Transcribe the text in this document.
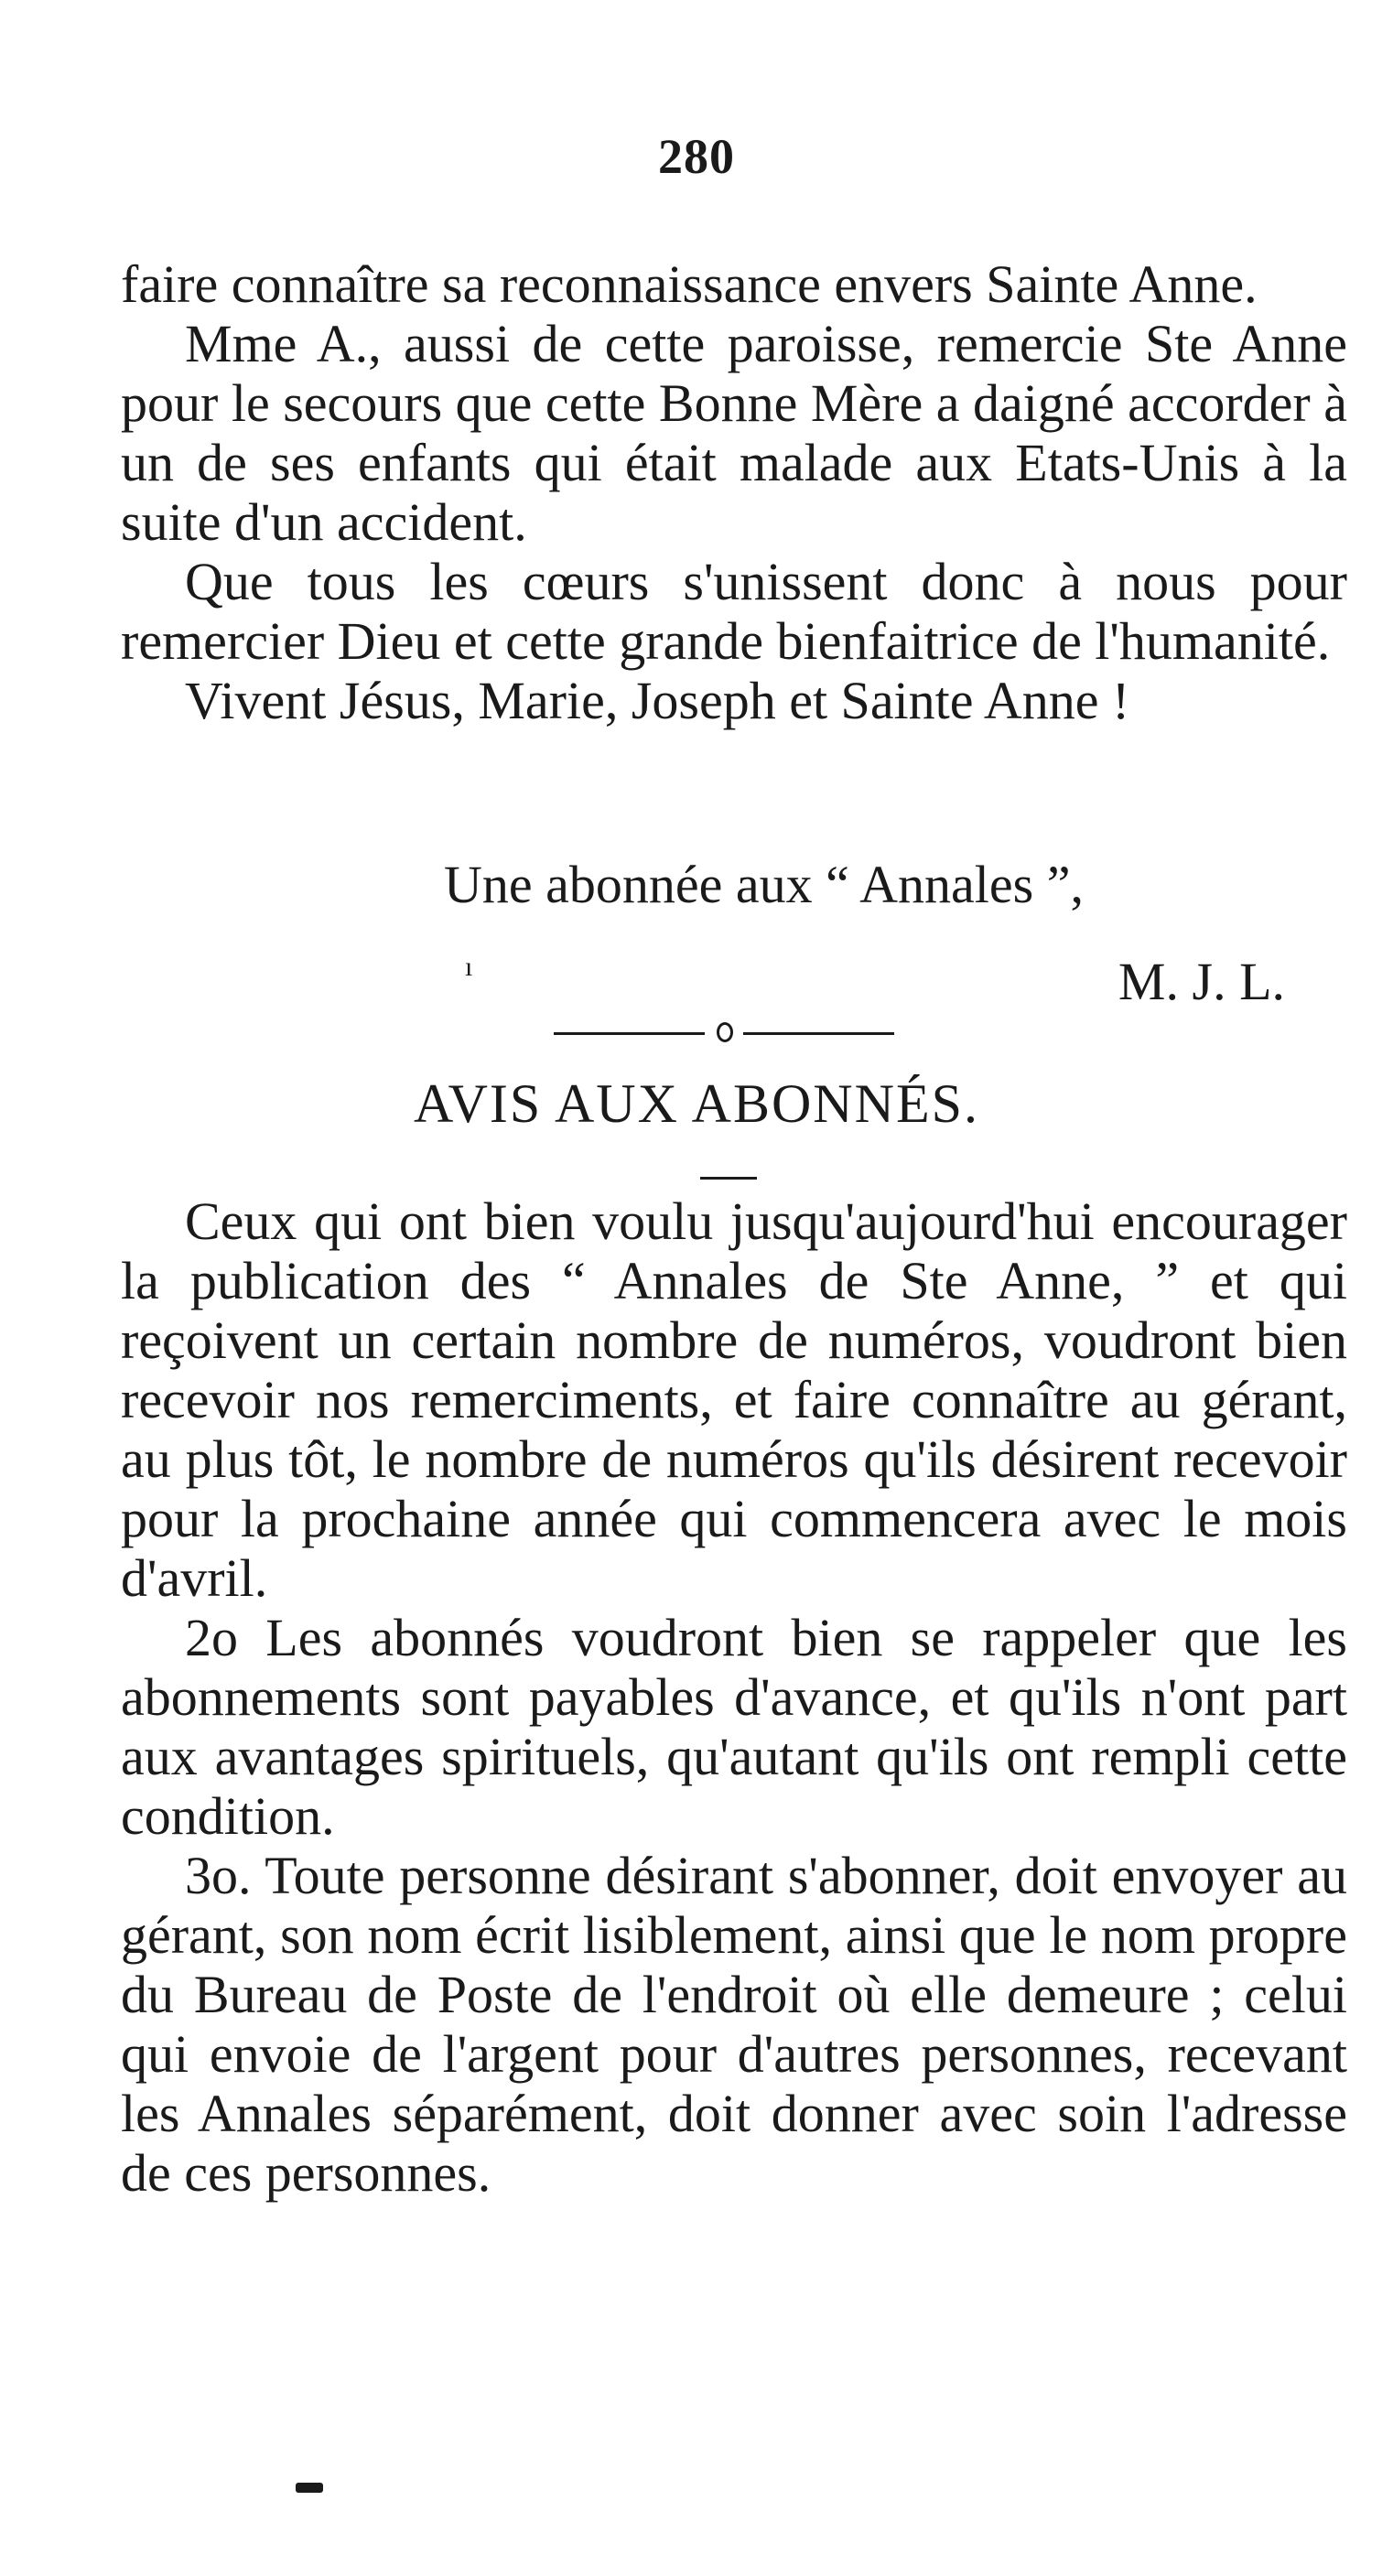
280

faire connaître sa reconnaissance envers Sainte Anne.

Mme A., aussi de cette paroisse, remercie Ste Anne pour le secours que cette Bonne Mère a daigné accorder à un de ses enfants qui était malade aux Etats-Unis à la suite d'un accident.

Que tous les cœurs s'unissent donc à nous pour remercier Dieu et cette grande bienfaitrice de l'humanité.

Vivent Jésus, Marie, Joseph et Sainte Anne !

Une abonnée aux “ Annales ”,
ı	M. J. L.
AVIS AUX ABONNÉS.

Ceux qui ont bien voulu jusqu'aujourd'hui encourager la publication des “ Annales de Ste Anne, ” et qui reçoivent un certain nombre de numéros, voudront bien recevoir nos remerciments, et faire connaître au gérant, au plus tôt, le nombre de numéros qu'ils désirent recevoir pour la prochaine année qui commencera avec le mois d'avril.

2o Les abonnés voudront bien se rappeler que les abonnements sont payables d'avance, et qu'ils n'ont part aux avantages spirituels, qu'autant qu'ils ont rempli cette condition.

3o. Toute personne désirant s'abonner, doit envoyer au gérant, son nom écrit lisiblement, ainsi que le nom propre du Bureau de Poste de l'endroit où elle demeure ; celui qui envoie de l'argent pour d'autres personnes, recevant les Annales séparément, doit donner avec soin l'adresse de ces personnes.
